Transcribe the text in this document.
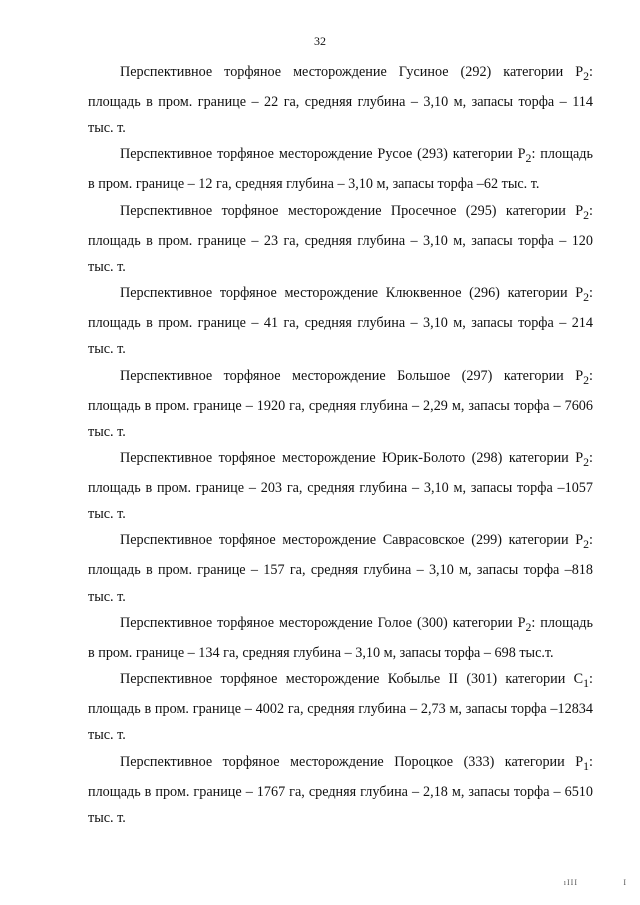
32

Перспективное торфяное месторождение Гусиное (292) категории $Р_2$: площадь в пром. границе – 22 га, средняя глубина – 3,10 м, запасы торфа – 114 тыс. т.

Перспективное торфяное месторождение Русое (293) категории $Р_2$: площадь в пром. границе – 12 га, средняя глубина – 3,10 м, запасы торфа –62 тыс. т.

Перспективное торфяное месторождение Просечное (295) категории $Р_2$: площадь в пром. границе – 23 га, средняя глубина – 3,10 м, запасы торфа – 120 тыс. т.

Перспективное торфяное месторождение Клюквенное (296) категории $Р_2$: площадь в пром. границе – 41 га, средняя глубина – 3,10 м, запасы торфа – 214 тыс. т.

Перспективное торфяное месторождение Большое (297) категории $Р_2$: площадь в пром. границе – 1920 га, средняя глубина – 2,29 м, запасы торфа – 7606 тыс. т.

Перспективное торфяное месторождение Юрик-Болото (298) категории $Р_2$: площадь в пром. границе – 203 га, средняя глубина – 3,10 м, запасы торфа –1057 тыс. т.

Перспективное торфяное месторождение Саврасовское (299) категории $Р_2$: площадь в пром. границе – 157 га, средняя глубина – 3,10 м, запасы торфа –818 тыс. т.

Перспективное торфяное месторождение Голое (300) категории $Р_2$: площадь в пром. границе – 134 га, средняя глубина – 3,10 м, запасы торфа – 698 тыс.т.

Перспективное торфяное месторождение Кобылье II (301) категории $С_1$: площадь в пром. границе – 4002 га, средняя глубина – 2,73 м, запасы торфа –12834 тыс. т.

Перспективное торфяное месторождение Пороцкое (333) категории $Р_1$: площадь в пром. границе – 1767 га, средняя глубина – 2,18 м, запасы торфа – 6510 тыс. т.

ıIII	I
